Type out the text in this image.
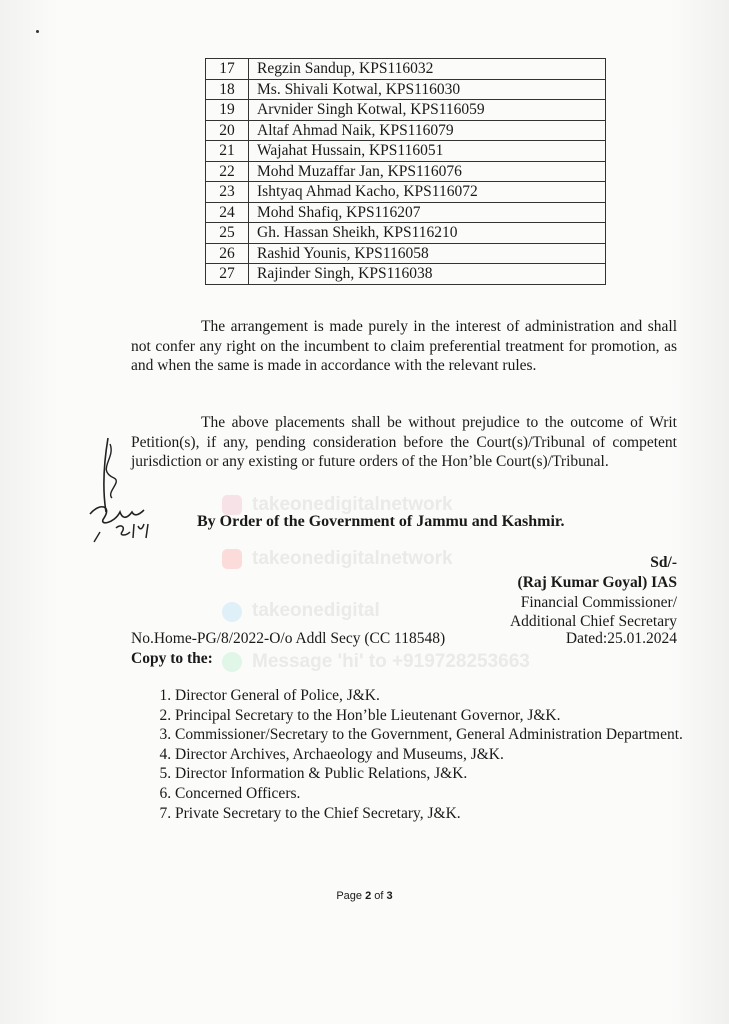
17	Regzin Sandup, KPS116032
18	Ms. Shivali Kotwal, KPS116030
19	Arvnider Singh Kotwal, KPS116059
20	Altaf Ahmad Naik, KPS116079
21	Wajahat Hussain, KPS116051
22	Mohd Muzaffar Jan, KPS116076
23	Ishtyaq Ahmad Kacho, KPS116072
24	Mohd Shafiq, KPS116207
25	Gh. Hassan Sheikh, KPS116210
26	Rashid Younis, KPS116058
27	Rajinder Singh, KPS116038
The arrangement is made purely in the interest of administration and shall not confer any right on the incumbent to claim preferential treatment for promotion, as and when the same is made in accordance with the relevant rules.
The above placements shall be without prejudice to the outcome of Writ Petition(s), if any, pending consideration before the Court(s)/Tribunal of competent jurisdiction or any existing or future orders of the Hon’ble Court(s)/Tribunal.
takeonedigitalnetwork
takeonedigitalnetwork
takeonedigital
Message 'hi' to +919728253663
By Order of the Government of Jammu and Kashmir.
Sd/-
(Raj Kumar Goyal) IAS
Financial Commissioner/
Additional Chief Secretary
No.Home-PG/8/2022-O/o Addl Secy (CC 118548)	Dated:25.01.2024
Copy to the:
1. Director General of Police, J&K.
2. Principal Secretary to the Hon’ble Lieutenant Governor, J&K.
3. Commissioner/Secretary to the Government, General Administration Department.
4. Director Archives, Archaeology and Museums, J&K.
5. Director Information & Public Relations, J&K.
6. Concerned Officers.
7. Private Secretary to the Chief Secretary, J&K.
Page 2 of 3
